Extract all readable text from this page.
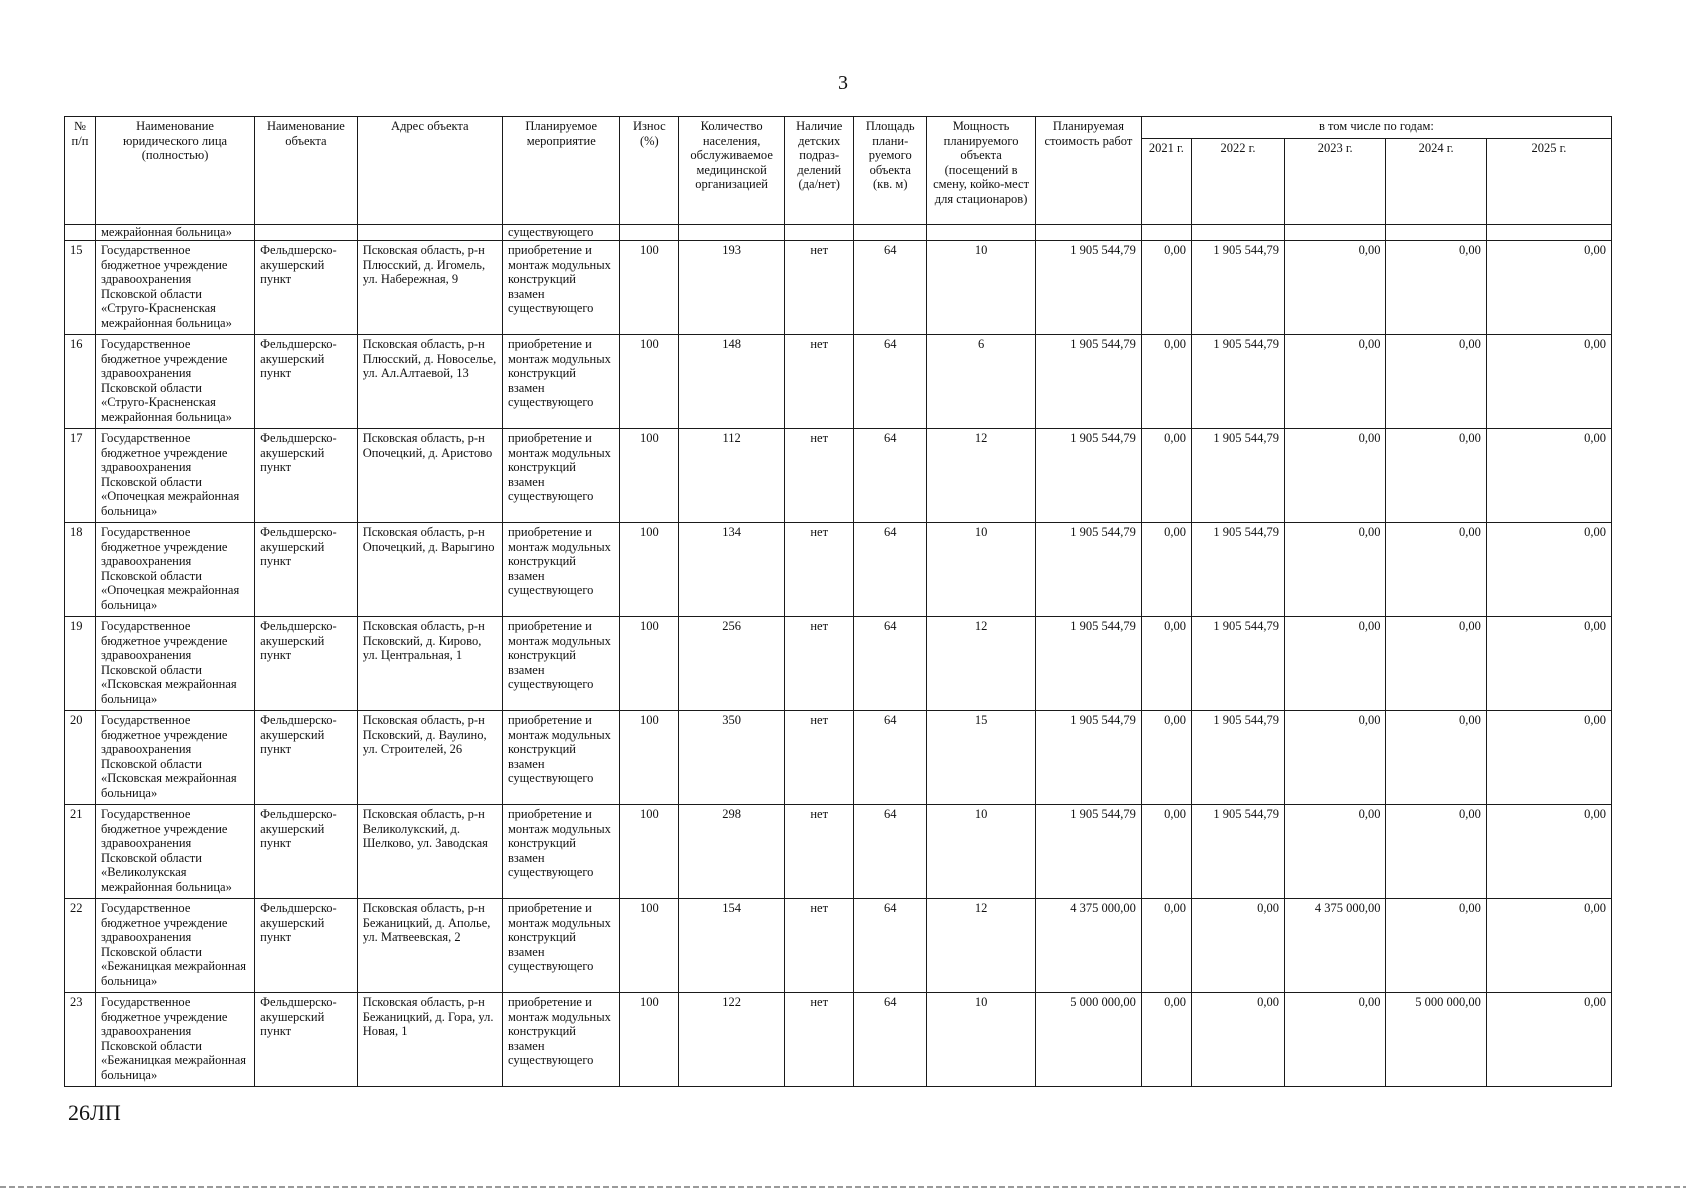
3
№ п/п	Наименование юридического лица (полностью)	Наименование объекта	Адрес объекта	Планируемое мероприятие	Износ (%)	Количество населения, обслуживаемое медицинской организацией	Наличие детских подраз-делений (да/нет)	Площадь плани-руемого объекта (кв. м)	Мощность планируемого объекта (посещений в смену, койко-мест для стационаров)	Планируемая стоимость работ	в том числе по годам:				
											2021 г.	2022 г.	2023 г.	2024 г.	2025 г.
	межрайонная больница»			существующего											
15	Государственное бюджетное учреждение здравоохранения Псковской области «Струго-Красненская межрайонная больница»	Фельдшерско-акушерский пункт	Псковская область, р-н Плюсский, д. Игомель, ул. Набережная, 9	приобретение и монтаж модульных конструкций взамен существующего	100	193	нет	64	10	1 905 544,79	0,00	1 905 544,79	0,00	0,00	0,00
16	Государственное бюджетное учреждение здравоохранения Псковской области «Струго-Красненская межрайонная больница»	Фельдшерско-акушерский пункт	Псковская область, р-н Плюсский, д. Новоселье, ул. Ал.Алтаевой, 13	приобретение и монтаж модульных конструкций взамен существующего	100	148	нет	64	6	1 905 544,79	0,00	1 905 544,79	0,00	0,00	0,00
17	Государственное бюджетное учреждение здравоохранения Псковской области «Опочецкая межрайонная больница»	Фельдшерско-акушерский пункт	Псковская область, р-н Опочецкий, д. Аристово	приобретение и монтаж модульных конструкций взамен существующего	100	112	нет	64	12	1 905 544,79	0,00	1 905 544,79	0,00	0,00	0,00
18	Государственное бюджетное учреждение здравоохранения Псковской области «Опочецкая межрайонная больница»	Фельдшерско-акушерский пункт	Псковская область, р-н Опочецкий, д. Варыгино	приобретение и монтаж модульных конструкций взамен существующего	100	134	нет	64	10	1 905 544,79	0,00	1 905 544,79	0,00	0,00	0,00
19	Государственное бюджетное учреждение здравоохранения Псковской области «Псковская межрайонная больница»	Фельдшерско-акушерский пункт	Псковская область, р-н Псковский, д. Кирово, ул. Центральная, 1	приобретение и монтаж модульных конструкций взамен существующего	100	256	нет	64	12	1 905 544,79	0,00	1 905 544,79	0,00	0,00	0,00
20	Государственное бюджетное учреждение здравоохранения Псковской области «Псковская межрайонная больница»	Фельдшерско-акушерский пункт	Псковская область, р-н Псковский, д. Ваулино, ул. Строителей, 26	приобретение и монтаж модульных конструкций взамен существующего	100	350	нет	64	15	1 905 544,79	0,00	1 905 544,79	0,00	0,00	0,00
21	Государственное бюджетное учреждение здравоохранения Псковской области «Великолукская межрайонная больница»	Фельдшерско-акушерский пункт	Псковская область, р-н Великолукский, д. Шелково, ул. Заводская	приобретение и монтаж модульных конструкций взамен существующего	100	298	нет	64	10	1 905 544,79	0,00	1 905 544,79	0,00	0,00	0,00
22	Государственное бюджетное учреждение здравоохранения Псковской области «Бежаницкая межрайонная больница»	Фельдшерско-акушерский пункт	Псковская область, р-н Бежаницкий, д. Аполье, ул. Матвеевская, 2	приобретение и монтаж модульных конструкций взамен существующего	100	154	нет	64	12	4 375 000,00	0,00	0,00	4 375 000,00	0,00	0,00
23	Государственное бюджетное учреждение здравоохранения Псковской области «Бежаницкая межрайонная больница»	Фельдшерско-акушерский пункт	Псковская область, р-н Бежаницкий, д. Гора, ул. Новая, 1	приобретение и монтаж модульных конструкций взамен существующего	100	122	нет	64	10	5 000 000,00	0,00	0,00	0,00	5 000 000,00	0,00
26ЛП
